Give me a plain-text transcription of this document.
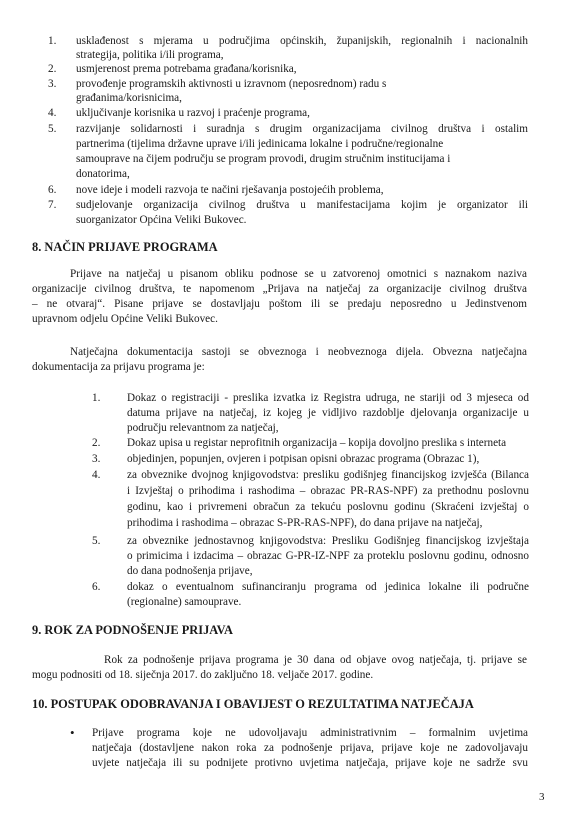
1. usklađenost s mjerama u područjima općinskih, županijskih, regionalnih i nacionalnih
strategija, politika i/ili programa,
2. usmjerenost prema potrebama građana/korisnika,
3. provođenje programskih aktivnosti u izravnom (neposrednom) radu s
građanima/korisnicima,
4. uključivanje korisnika u razvoj i praćenje programa,
5. razvijanje solidarnosti i suradnja s drugim organizacijama civilnog društva i ostalim
partnerima (tijelima državne uprave i/ili jedinicama lokalne i područne/regionalne
samouprave na čijem području se program provodi, drugim stručnim institucijama i
donatorima,
6. nove ideje i modeli razvoja te načini rješavanja postojećih problema,
7. sudjelovanje organizacija civilnog društva u manifestacijama kojim je organizator ili
suorganizator Općina Veliki Bukovec.
8. NAČIN PRIJAVE PROGRAMA
Prijave na natječaj u pisanom obliku podnose se u zatvorenoj omotnici s naznakom naziva
organizacije civilnog društva, te napomenom „Prijava na natječaj za organizacije civilnog društva
– ne otvaraj“. Pisane prijave se dostavljaju poštom ili se predaju neposredno u Jedinstvenom
upravnom odjelu Općine Veliki Bukovec.
Natječajna dokumentacija sastoji se obveznoga i neobveznoga dijela. Obvezna natječajna
dokumentacija za prijavu programa je:
1. Dokaz o registraciji - preslika izvatka iz Registra udruga, ne stariji od 3 mjeseca od
datuma prijave na natječaj, iz kojeg je vidljivo razdoblje djelovanja organizacije u
području relevantnom za natječaj,
2. Dokaz upisa u registar neprofitnih organizacija – kopija dovoljno preslika s interneta
3. objedinjen, popunjen, ovjeren i potpisan opisni obrazac programa (Obrazac 1),
4. za obveznike dvojnog knjigovodstva: presliku godišnjeg financijskog izvješća (Bilanca
i Izvještaj o prihodima i rashodima – obrazac PR-RAS-NPF) za prethodnu poslovnu
godinu, kao i privremeni obračun za tekuću poslovnu godinu (Skraćeni izvještaj o
prihodima i rashodima – obrazac S-PR-RAS-NPF), do dana prijave na natječaj,
5. za obveznike jednostavnog knjigovodstva: Presliku Godišnjeg financijskog izvještaja
o primicima i izdacima – obrazac G-PR-IZ-NPF za proteklu poslovnu godinu, odnosno
do dana podnošenja prijave,
6. dokaz o eventualnom sufinanciranju programa od jedinica lokalne ili područne
(regionalne) samouprave.
9. ROK ZA PODNOŠENJE PRIJAVA
Rok za podnošenje prijava programa je 30 dana od objave ovog natječaja, tj. prijave se
mogu podnositi od 18. siječnja 2017. do zaključno 18. veljače 2017. godine.
10. POSTUPAK ODOBRAVANJA I OBAVIJEST O REZULTATIMA NATJEČAJA
• Prijave programa koje ne udovoljavaju administrativnim – formalnim uvjetima
natječaja (dostavljene nakon roka za podnošenje prijava, prijave koje ne zadovoljavaju
uvjete natječaja ili su podnijete protivno uvjetima natječaja, prijave koje ne sadrže svu
3
